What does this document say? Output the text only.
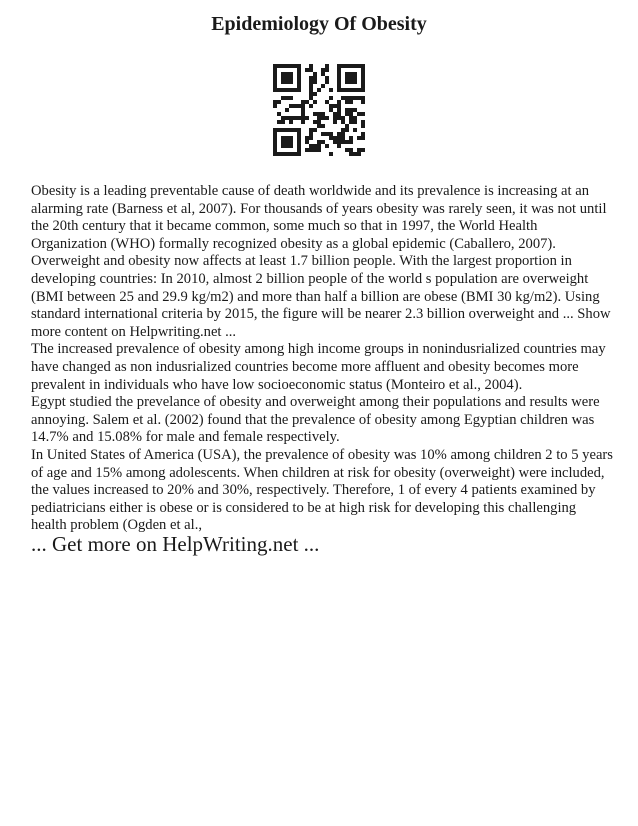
Epidemiology Of Obesity

Obesity is a leading preventable cause of death worldwide and its prevalence is increasing at an alarming rate (Barness et al, 2007). For thousands of years obesity was rarely seen, it was not until the 20th century that it became common, some much so that in 1997, the World Health Organization (WHO) formally recognized obesity as a global epidemic (Caballero, 2007).

Overweight and obesity now affects at least 1.7 billion people. With the largest proportion in developing countries: In 2010, almost 2 billion people of the world s population are overweight (BMI between 25 and 29.9 kg/m2) and more than half a billion are obese (BMI 30 kg/m2). Using standard international criteria by 2015, the figure will be nearer 2.3 billion overweight and ... Show more content on Helpwriting.net ...

The increased prevalence of obesity among high income groups in nonindusrialized countries may have changed as non indusrialized countries become more affluent and obesity becomes more prevalent in individuals who have low socioeconomic status (Monteiro et al., 2004).

Egypt studied the prevelance of obesity and overweight among their populations and results were annoying. Salem et al. (2002) found that the prevalence of obesity among Egyptian children was 14.7% and 15.08% for male and female respectively.

In United States of America (USA), the prevalence of obesity was 10% among children 2 to 5 years of age and 15% among adolescents. When children at risk for obesity (overweight) were included, the values increased to 20% and 30%, respectively. Therefore, 1 of every 4 patients examined by pediatricians either is obese or is considered to be at high risk for developing this challenging health problem (Ogden et al.,

... Get more on HelpWriting.net ...
